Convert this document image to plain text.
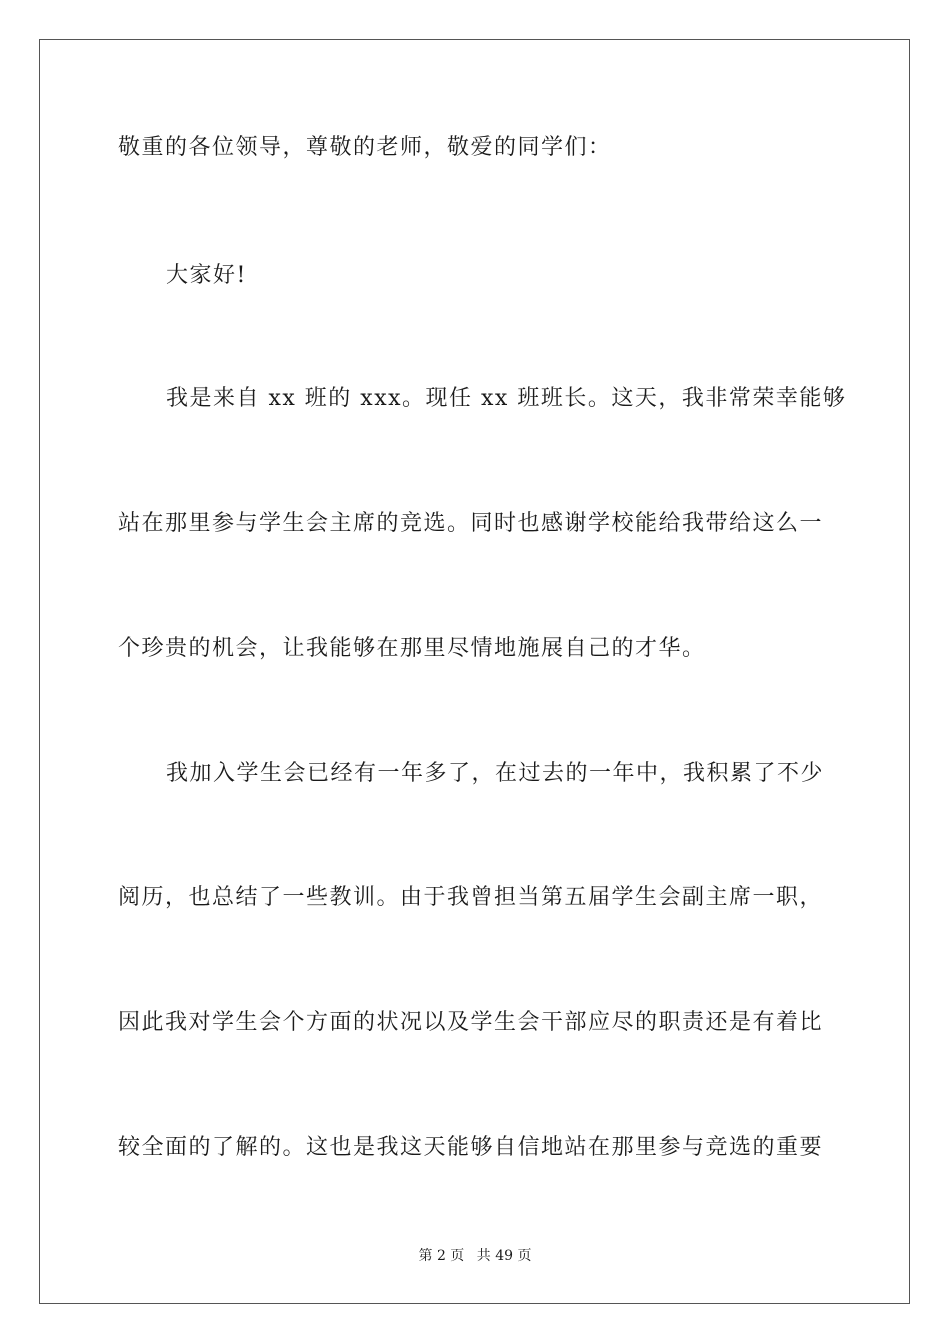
敬重的各位领导，尊敬的老师，敬爱的同学们：
大家好!
我是来自 xx 班的 xxx。现任 xx 班班长。这天，我非常荣幸能够
站在那里参与学生会主席的竞选。同时也感谢学校能给我带给这么一
个珍贵的机会，让我能够在那里尽情地施展自己的才华。
我加入学生会已经有一年多了，在过去的一年中，我积累了不少
阅历，也总结了一些教训。由于我曾担当第五届学生会副主席一职，
因此我对学生会个方面的状况以及学生会干部应尽的职责还是有着比
较全面的了解的。这也是我这天能够自信地站在那里参与竞选的重要
第 2 页 共 49 页
